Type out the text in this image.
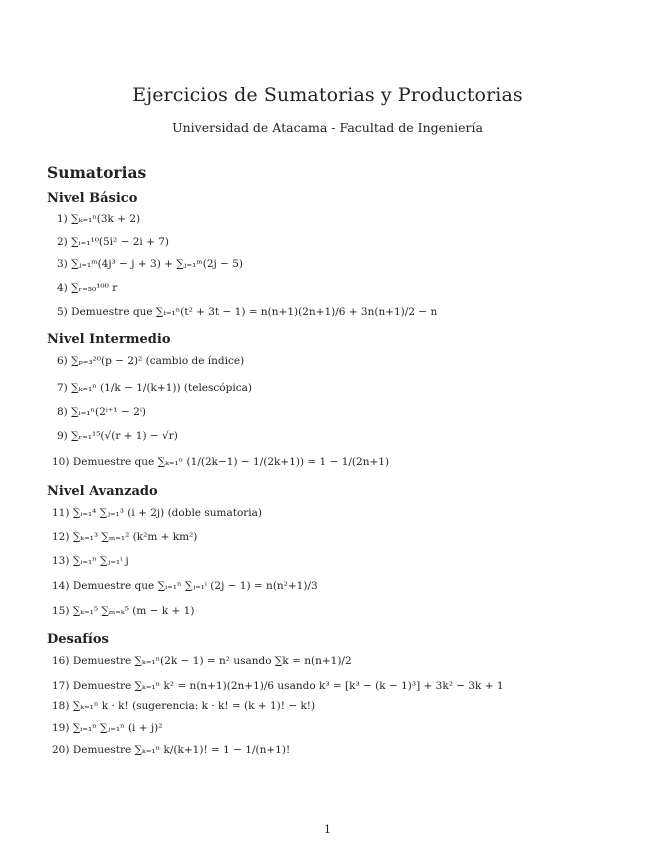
Ejercicios de Sumatorias y Productorias
Universidad de Atacama - Facultad de Ingeniería
Sumatorias
Nivel Básico
1) ∑ₖ₌₁ⁿ(3k + 2)
2) ∑ᵢ₌₁¹⁰(5i² − 2i + 7)
3) ∑ⱼ₌₁ᵐ(4j³ − j + 3) + ∑ⱼ₌₁ᵐ(2j − 5)
4) ∑ᵣ₌₅₀¹⁰⁰ r
5) Demuestre que ∑ₜ₌₁ⁿ(t² + 3t − 1) = n(n+1)(2n+1)/6 + 3n(n+1)/2 − n
Nivel Intermedio
6) ∑ₚ₌₃²⁰(p − 2)² (cambio de índice)
7) ∑ₖ₌₁ⁿ (1/k − 1/(k+1)) (telescópica)
8) ∑ᵢ₌₁ⁿ(2ⁱ⁺¹ − 2ⁱ)
9) ∑ᵣ₌₁¹⁵(√(r + 1) − √r)
10) Demuestre que ∑ₖ₌₁ⁿ (1/(2k−1) − 1/(2k+1)) = 1 − 1/(2n+1)
Nivel Avanzado
11) ∑ᵢ₌₁⁴ ∑ⱼ₌₁³ (i + 2j) (doble sumatoria)
12) ∑ₖ₌₁³ ∑ₘ₌₁² (k²m + km²)
13) ∑ᵢ₌₁ⁿ ∑ⱼ₌₁ⁱ j
14) Demuestre que ∑ᵢ₌₁ⁿ ∑ⱼ₌₁ⁱ (2j − 1) = n(n²+1)/3
15) ∑ₖ₌₁⁵ ∑ₘ₌ₖ⁵ (m − k + 1)
Desafíos
16) Demuestre ∑ₖ₌₁ⁿ(2k − 1) = n² usando ∑k = n(n+1)/2
17) Demuestre ∑ₖ₌₁ⁿ k² = n(n+1)(2n+1)/6 usando k³ = [k³ − (k − 1)³] + 3k² − 3k + 1
18) ∑ₖ₌₁ⁿ k · k! (sugerencia: k · k! = (k + 1)! − k!)
19) ∑ᵢ₌₁ⁿ ∑ⱼ₌₁ⁿ (i + j)²
20) Demuestre ∑ₖ₌₁ⁿ k/(k+1)! = 1 − 1/(n+1)!
1
